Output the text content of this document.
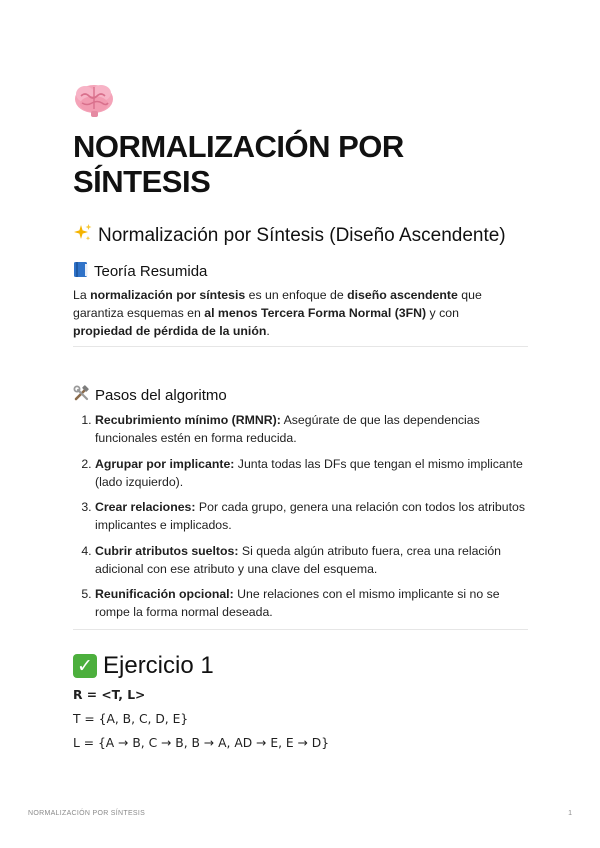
NORMALIZACIÓN POR SÍNTESIS
Normalización por Síntesis (Diseño Ascendente)
Teoría Resumida

La normalización por síntesis es un enfoque de diseño ascendente que garantiza esquemas en al menos Tercera Forma Normal (3FN) y con propiedad de pérdida de la unión.

Pasos del algoritmo
1. Recubrimiento mínimo (RMNR): Asegúrate de que las dependencias funcionales estén en forma reducida.
2. Agrupar por implicante: Junta todas las DFs que tengan el mismo implicante (lado izquierdo).
3. Crear relaciones: Por cada grupo, genera una relación con todos los atributos implicantes e implicados.
4. Cubrir atributos sueltos: Si queda algún atributo fuera, crea una relación adicional con ese atributo y una clave del esquema.
5. Reunificación opcional: Une relaciones con el mismo implicante si no se rompe la forma normal deseada.
✓ Ejercicio 1
R = <T, L>
T = {A, B, C, D, E}
L = {A → B, C → B, B → A, AD → E, E → D}
NORMALIZACIÓN POR SÍNTESIS	1
